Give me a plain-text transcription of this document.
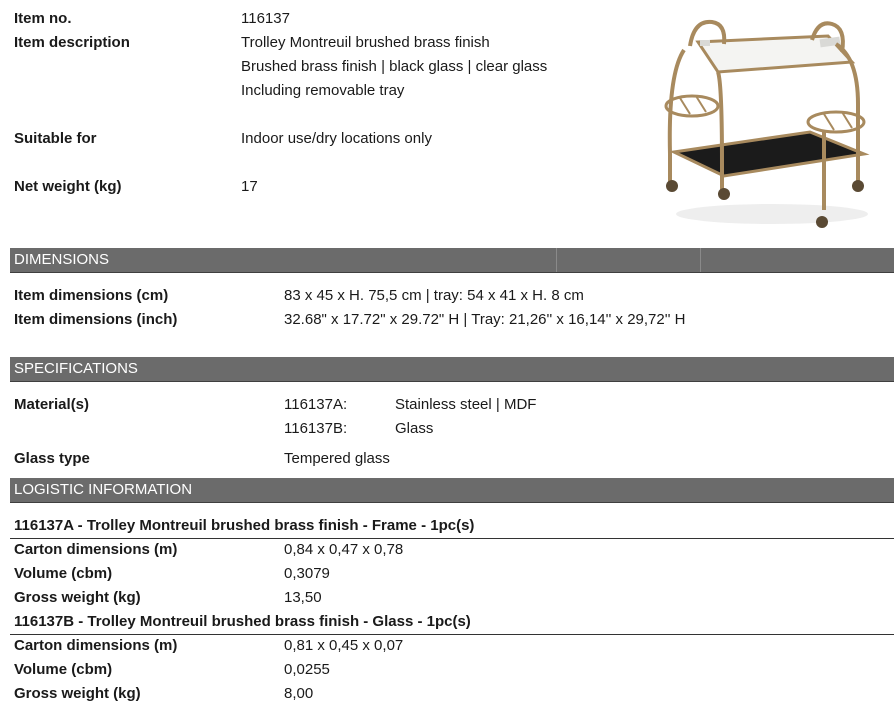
Item no.	116137
Item description	Trolley Montreuil brushed brass finish
Brushed brass finish | black glass | clear glass
Including removable tray
Suitable for	Indoor use/dry locations only
Net weight (kg)	17
DIMENSIONS
Item dimensions (cm)	83 x 45 x H. 75,5 cm | tray: 54 x 41 x H. 8 cm
Item dimensions (inch)	32.68" x 17.72" x 29.72" H | Tray: 21,26'' x 16,14'' x 29,72'' H
SPECIFICATIONS
Material(s)	116137A:	Stainless steel | MDF
116137B:	Glass
Glass type	Tempered glass
LOGISTIC INFORMATION
116137A - Trolley Montreuil brushed brass finish - Frame - 1pc(s)
Carton dimensions (m)	0,84 x 0,47 x 0,78
Volume (cbm)	0,3079
Gross weight (kg)	13,50
116137B - Trolley Montreuil brushed brass finish - Glass - 1pc(s)
Carton dimensions (m)	0,81 x 0,45 x 0,07
Volume (cbm)	0,0255
Gross weight (kg)	8,00
